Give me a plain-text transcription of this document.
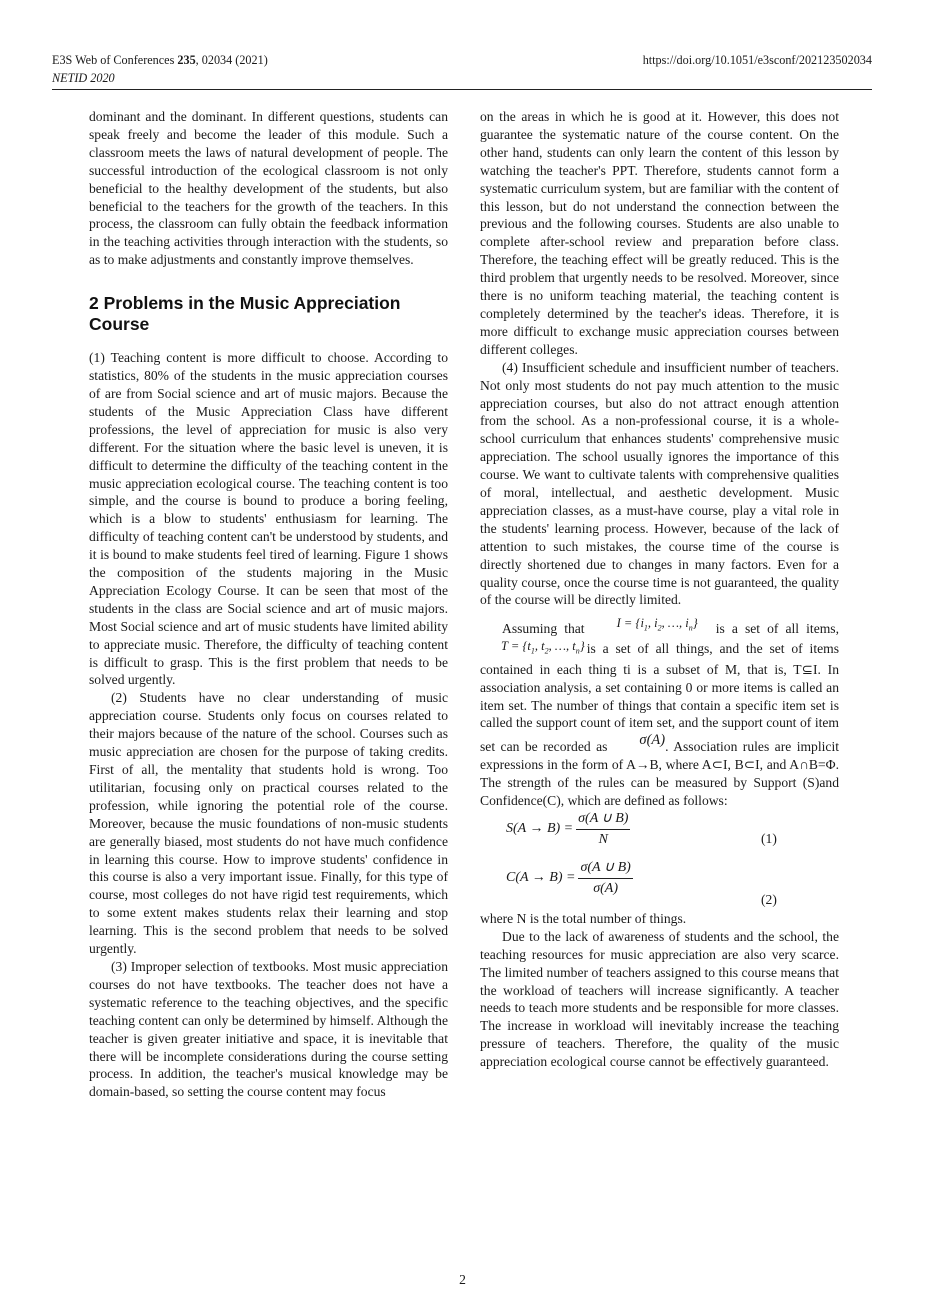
E3S Web of Conferences 235, 02034 (2021)	https://doi.org/10.1051/e3sconf/202123502034
NETID 2020

dominant and the dominant. In different questions, students can speak freely and become the leader of this module. Such a classroom meets the laws of natural development of people. The successful introduction of the ecological classroom is not only beneficial to the healthy development of the students, but also beneficial to the teachers for the growth of the teachers. In this process, the classroom can fully obtain the feedback information in the teaching activities through interaction with the students, so as to make adjustments and constantly improve themselves.

2 Problems in the Music Appreciation Course

(1) Teaching content is more difficult to choose. According to statistics, 80% of the students in the music appreciation courses of are from Social science and art of music majors. Because the students of the Music Appreciation Class have different professions, the level of appreciation for music is also very different. For the situation where the basic level is uneven, it is difficult to determine the difficulty of the teaching content in the music appreciation ecological course. The teaching content is too simple, and the course is bound to produce a boring feeling, which is a blow to students' enthusiasm for learning. The difficulty of teaching content can't be understood by students, and it is bound to make students feel tired of learning. Figure 1 shows the composition of the students majoring in the Music Appreciation Ecology Course. It can be seen that most of the students in the class are Social science and art of music majors. Most Social science and art of music students have limited ability to appreciate music. Therefore, the difficulty of teaching content is difficult to grasp. This is the first problem that needs to be solved urgently.

(2) Students have no clear understanding of music appreciation course. Students only focus on courses related to their majors because of the nature of the school. Courses such as music appreciation are chosen for the purpose of taking credits. First of all, the mentality that students hold is wrong. Too utilitarian, focusing only on practical courses related to the profession, while ignoring the potential role of the course. Moreover, because the music foundations of non-music students are generally biased, most students do not have much confidence in learning this course. How to improve students' confidence in this course is also a very important issue. Finally, for this type of course, most colleges do not have rigid test requirements, which to some extent makes students relax their learning and stop learning. This is the second problem that needs to be solved urgently.

(3) Improper selection of textbooks. Most music appreciation courses do not have textbooks. The teacher does not have a systematic reference to the teaching objectives, and the specific teaching content can only be determined by himself. Although the teacher is given greater initiative and space, it is inevitable that there will be incomplete considerations during the course setting process. In addition, the teacher's musical knowledge may be domain-based, so setting the course content may focus

on the areas in which he is good at it. However, this does not guarantee the systematic nature of the course content. On the other hand, students can only learn the content of this lesson by watching the teacher's PPT. Therefore, students cannot form a systematic curriculum system, but are familiar with the content of this lesson, but do not understand the connection between the previous and the following courses. Students are also unable to complete after-school review and preparation before class. Therefore, the teaching effect will be greatly reduced. This is the third problem that urgently needs to be resolved. Moreover, since there is no uniform teaching material, the teaching content is completely determined by the teacher's ideas. Therefore, it is more difficult to exchange music appreciation courses between different colleges.

(4) Insufficient schedule and insufficient number of teachers. Not only most students do not pay much attention to the music appreciation courses, but also do not attract enough attention from the school. As a non-professional course, it is a whole-school curriculum that enhances students' comprehensive music appreciation. The school usually ignores the importance of this course. We want to cultivate talents with comprehensive qualities of moral, intellectual, and aesthetic development. Music appreciation classes, as a must-have course, play a vital role in the students' learning process. However, because of the lack of attention to such mistakes, the course time of the course is directly shortened due to changes in many factors. Even for a quality course, once the course time is not guaranteed, the quality of the course will be directly limited.

Assuming that	$I = \{i_1$, $i_2$, …, $i_n$} is a set of all items, $T = \{t_1$, $t_2$, …, $t_n$} is a set of all things, and the set of items contained in each thing ti is a subset of M, that is, T⊆I. In association analysis, a set containing 0 or more items is called an item set. The number of things that contain a specific item set is called the support count of item set, and the support count of item set can be recorded as σ(A). Association rules are implicit expressions in the form of A→B, where A⊂I, B⊂I, and A∩B=Φ. The strength of the rules can be measured by Support (S)and Confidence(C), which are defined as follows:

$S(A \to B) = \frac{\sigma(A \cup B)}{N}$	(1)
$C(A \to B) = \frac{\sigma(A \cup B)}{\sigma(A)}$
(2)

where N is the total number of things.

Due to the lack of awareness of students and the school, the teaching resources for music appreciation are also very scarce. The limited number of teachers assigned to this course means that the workload of teachers will increase significantly. A teacher needs to teach more students and be responsible for more classes. The increase in workload will inevitably increase the teaching pressure of teachers. Therefore, the quality of the music appreciation ecological course cannot be effectively guaranteed.

2
